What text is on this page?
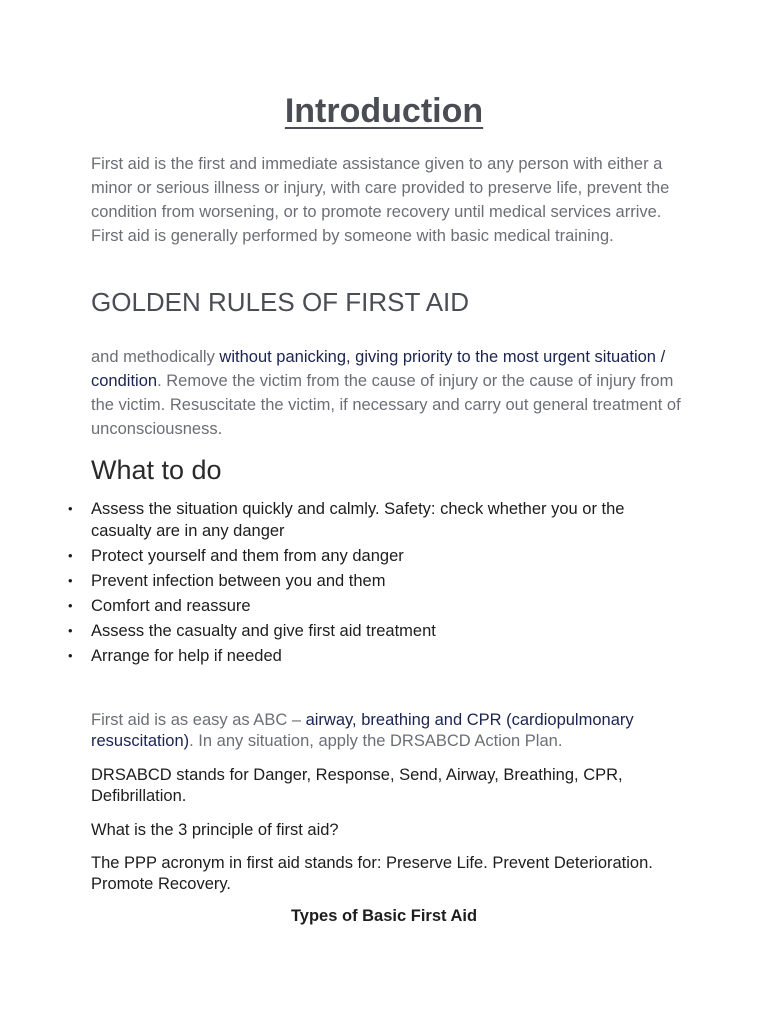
Introduction

First aid is the first and immediate assistance given to any person with either a minor or serious illness or injury, with care provided to preserve life, prevent the condition from worsening, or to promote recovery until medical services arrive. First aid is generally performed by someone with basic medical training.

GOLDEN RULES OF FIRST AID

and methodically without panicking, giving priority to the most urgent situation / condition. Remove the victim from the cause of injury or the cause of injury from the victim. Resuscitate the victim, if necessary and carry out general treatment of unconsciousness.

What to do
• Assess the situation quickly and calmly. Safety: check whether you or the casualty are in any danger
• Protect yourself and them from any danger
• Prevent infection between you and them
• Comfort and reassure
• Assess the casualty and give first aid treatment
• Arrange for help if needed

First aid is as easy as ABC – airway, breathing and CPR (cardiopulmonary resuscitation). In any situation, apply the DRSABCD Action Plan.

DRSABCD stands for Danger, Response, Send, Airway, Breathing, CPR, Defibrillation.

What is the 3 principle of first aid?

The PPP acronym in first aid stands for: Preserve Life. Prevent Deterioration. Promote Recovery.

Types of Basic First Aid
